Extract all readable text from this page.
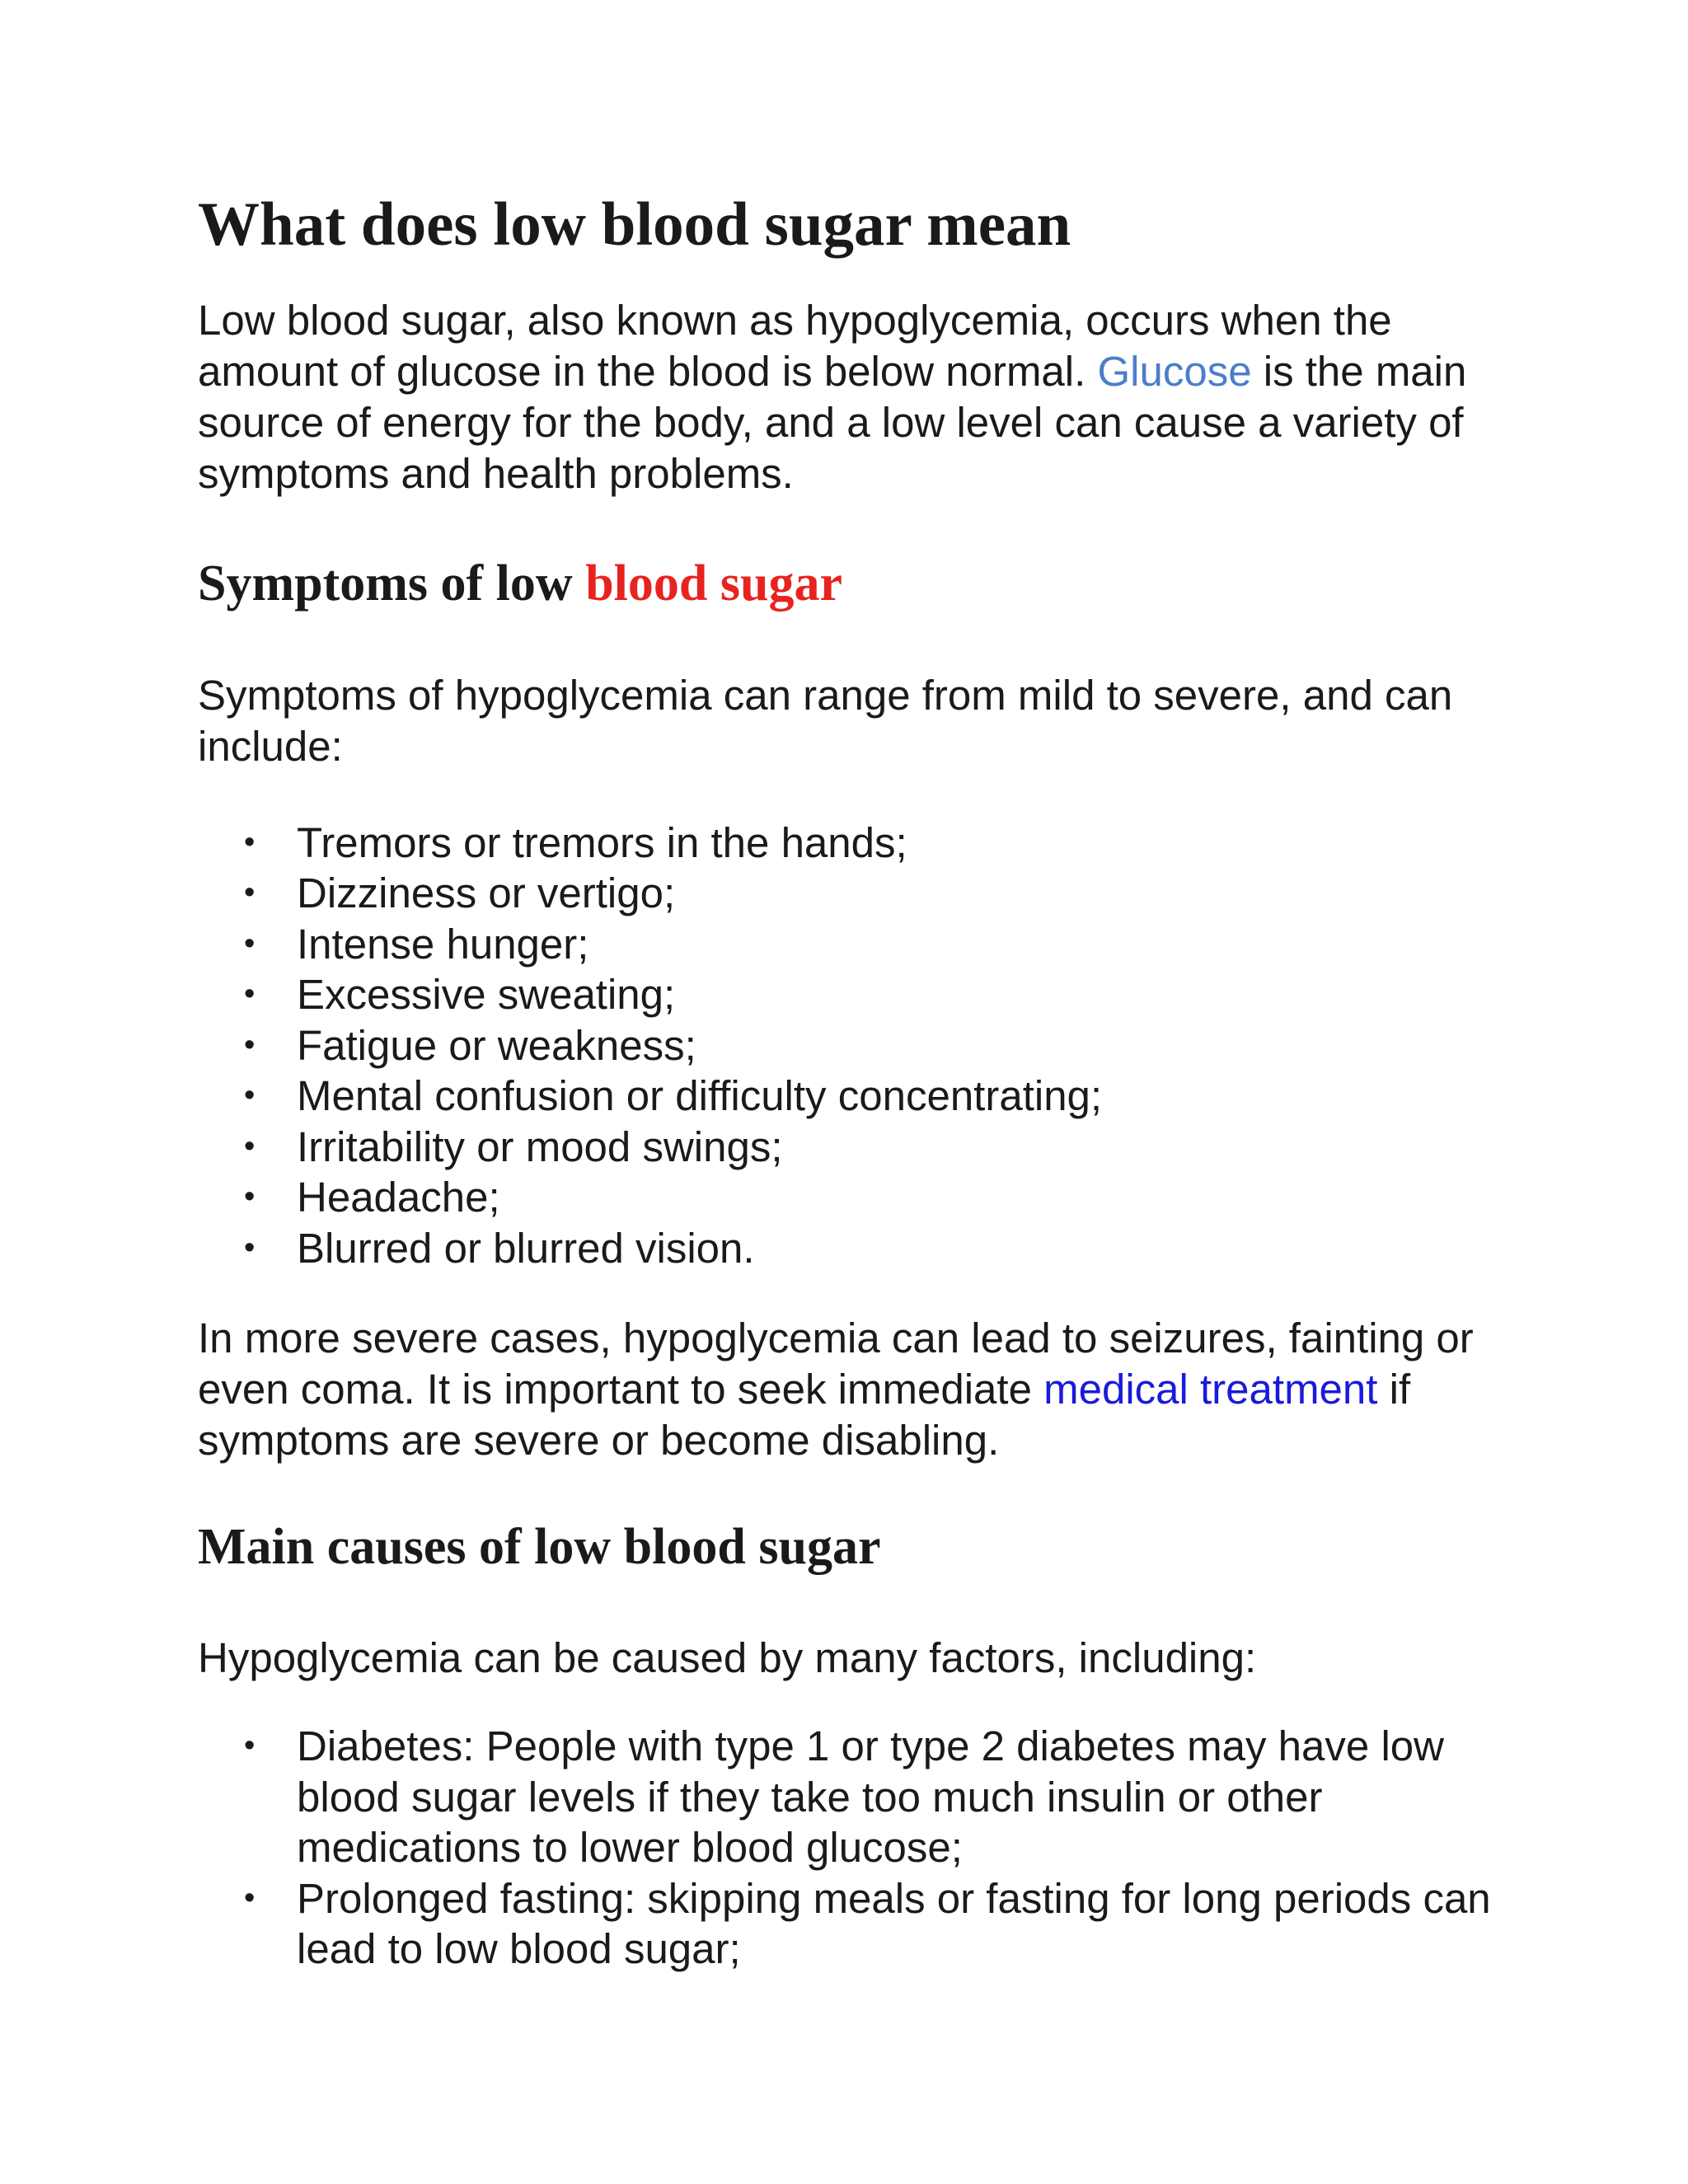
What does low blood sugar mean

Low blood sugar, also known as hypoglycemia, occurs when the amount of glucose in the blood is below normal. Glucose is the main source of energy for the body, and a low level can cause a variety of symptoms and health problems.

Symptoms of low blood sugar

Symptoms of hypoglycemia can range from mild to severe, and can include:

• Tremors or tremors in the hands;
• Dizziness or vertigo;
• Intense hunger;
• Excessive sweating;
• Fatigue or weakness;
• Mental confusion or difficulty concentrating;
• Irritability or mood swings;
• Headache;
• Blurred or blurred vision.

In more severe cases, hypoglycemia can lead to seizures, fainting or even coma. It is important to seek immediate medical treatment if symptoms are severe or become disabling.

Main causes of low blood sugar

Hypoglycemia can be caused by many factors, including:

• Diabetes: People with type 1 or type 2 diabetes may have low blood sugar levels if they take too much insulin or other medications to lower blood glucose;
• Prolonged fasting: skipping meals or fasting for long periods can lead to low blood sugar;
